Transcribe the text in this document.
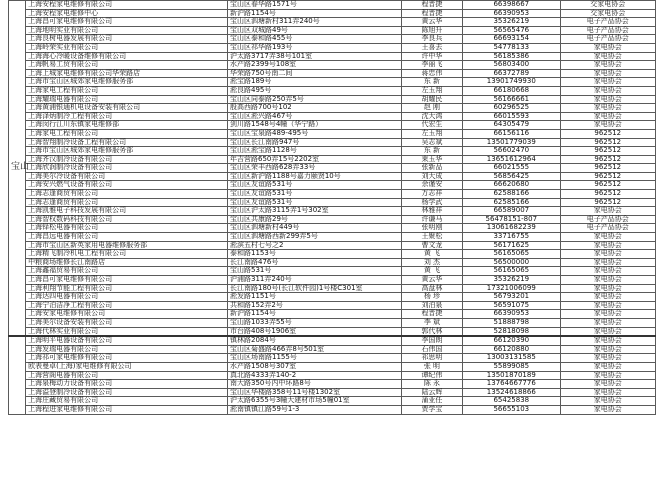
宝山	上海安程家电维修有限公司	宝山区春华路1571号	程晋捷	66398667	交家电协会
	上海安程家电维修中心	新沪路1154号	程晋捷	66390953	交家电协会
	上海昌可家电维修有限公司	宝山区泗塘新村311弄240号	黄云华	35326219	电子产品协会
	上海地明实业有限公司	宝山区双城路49号	陈旭升	56565476	电子产品协会
	上海良树电器发展有限公司	宝山区泰和路455号	李良兵	66693154	电子产品协会
	上海岭荣实业有限公司	宝山区祁华路193号	王喜去	54778133	家电协会
	上海海心冷暖设备维修有限公司	沪太路3717弄38号101室	许中华	56185386	家电协会
	上海帆易工贸有限公司	水产路2399号108室	李丽飞	56803400	家电协会
	上海上城家电维修有限公司华荣路店	华荣路750号南二间	蒋忠伟	66372789	家电协会
	上海市宝山区城郊家电维修服务部	淞宝路189号	东 新	13901749930	家电协会
	上海家电工程有限公司	淞良路495号	左玉翔	66180668	家电协会
	上海耀瑞电器有限公司	宝山区同泰路250弄5号	胡耀民	56166661	家电协会
	上海黄浦银通机电设备安装有限公司	殷高西路700号102	赵 刚	60296525	家电协会
	上海泽炳制冷工程有限公司	宝山区淞兴路467号	沈大鸿	66015593	家电协会
	上海闵行江川东镇家电维修部	剑川路1548号4幢（华宁路）	代宏生	64305479	家电协会
	上海家电工程有限公司	宝山区宝泉路489-495号	左玉翔	66156116	962512
	上海智翔制冷设备工程有限公司	宝山区长江南路947号	吴志斌	13501779039	962512
	上海市宝山区城郊家电维修服务部	宝山区淞宝路1128号	东 新	56602470	962512
	上海齐汉制冷设备有限公司	年吉营路650弄15号2202室	束玉华	13651612964	962512
	上海欣润制冷设备有限公司	宝山区荣丰西路628弄33号	张新品	66021555	962512
	上海美尔冷设备有限公司	宝山区新沪路1188号嘉力颐贤10号	刘大成	56856425	962512
	上海安兴燃气设备有限公司	宝山区友谊路531号	余谨安	66620680	962512
	上海志逢商贸有限公司	宝山区友谊路531号	万志祥	62588166	962512
	上海志逢商贸有限公司	宝山区友谊路531号	杨学武	62585166	962512
	上海凯雅电子科技发展有限公司	宝山区沪太路3115弄1号302室	林雅祥	66589007	家电协会
	上海智权数码科技有限公司	宝山区共康路29号	许谦马	56478151-807	电子产品协会
	上海铎松电器有限公司	宝山区泗塘新村449号	张明刚	13061682239	电子产品协会
	上海昌远电器有限公司	宝山区泗塘路西新299弄5号	王聚松	33716755	家电协会
	上海市宝山区新英家用电器维修服务部	淞滨五村七号之2	曹文龙	56171625	家电协会
	上海精飞制冷机电工程有限公司	泰和路1153号	黄 飞	56165065	家电协会
	中粮商场维修长江南路店	长江南路476号	刘 杰	56500000	家电协会
	上海鑫福贸易有限公司	宝山路531号	黄 飞	56165065	家电协会
	上海昌可家电维修有限公司	沪浦路311弄240号	黄云华	35326219	家电协会
	上海利翔节能工程有限公司	长江南路180号(长江软件园)1号楼C301室	高盘林	17321006099	家电协会
	上海达四电器有限公司	淞发路1151号	杨 珍	56793201	家电协会
	上海宁泊洁净工程有限公司	共和路152弄2号	刘泊泉	56591075	家电协会
	上海安家电维修有限公司	新沪路1154号	程晋捷	66390953	家电协会
	上海美尔设备安装有限公司	宝山路1033弄55号	李 斌	51888798	家电协会
	上海代林实业有限公司	市台路408号1906室	郭代林	52818098	家电协会
	上海明平电器设备有限公司	镇林路2084号	李国朗	66120390	家电协会
	上海发瑞电器有限公司	宝山区菊盛路466弄8号501室	石伟国	66120880	家电协会
	上海祁可家电维修有限公司	宝山区场南路1155号	祁思明	13003131585	家电协会
	欧表曼卓(上海)家电维修有限公司	水产路1508号307室	张 明	55899085	家电协会
	上海营阁电器有限公司	真北路4333弄140-2	谭纪伟	13501870189	家电协会
	上海泉梅动力设备有限公司	南大路350号内中环路8号	陈 永	13764667776	家电协会
	上海溢登制冷设备有限公司	宝山区华楼路358号11号楼1302室	陆云辉	13524618866	家电协会
	上海庄藏贸易有限公司	沪太路6355号3幢大建材市场5幢01室	蒲亚任	65425838	家电协会
	上海程进家电维修有限公司	淞南镇镇江路59号1-3	贾学宝	56655103	家电协会
